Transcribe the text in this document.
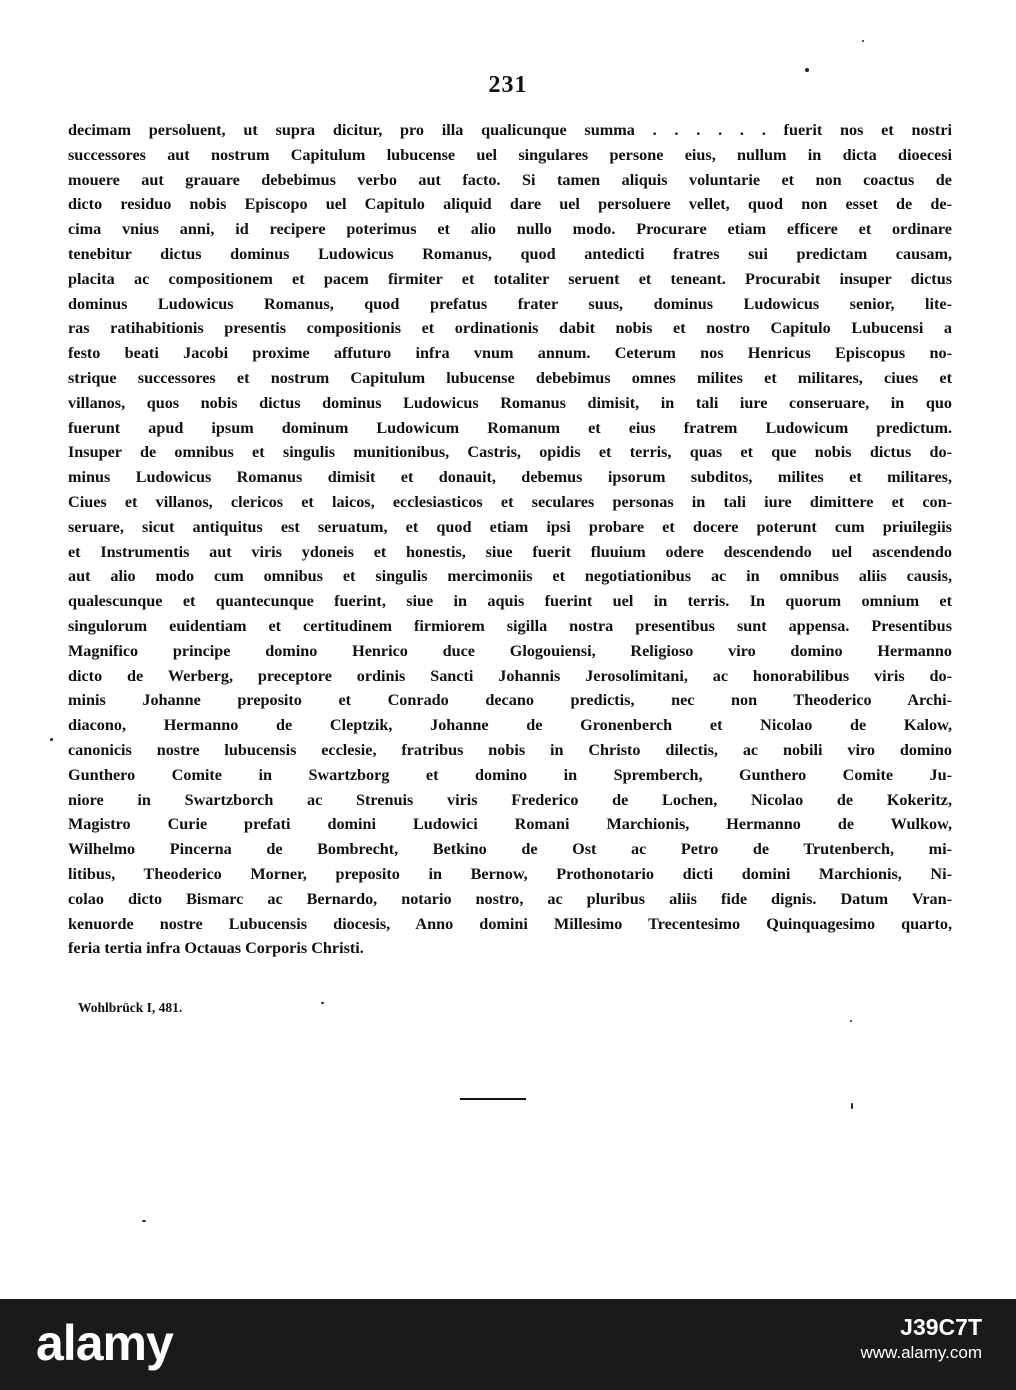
231
decimam persoluent, ut supra dicitur, pro illa qualicunque summa . . . . . . fuerit nos et nostri
successores aut nostrum Capitulum lubucense uel singulares persone eius, nullum in dicta dioecesi
mouere aut grauare debebimus verbo aut facto. Si tamen aliquis voluntarie et non coactus de
dicto residuo nobis Episcopo uel Capitulo aliquid dare uel persoluere vellet, quod non esset de de-
cima vnius anni, id recipere poterimus et alio nullo modo. Procurare etiam efficere et ordinare
tenebitur dictus dominus Ludowicus Romanus, quod antedicti fratres sui predictam causam,
placita ac compositionem et pacem firmiter et totaliter seruent et teneant. Procurabit insuper dictus
dominus Ludowicus Romanus, quod prefatus frater suus, dominus Ludowicus senior, lite-
ras ratihabitionis presentis compositionis et ordinationis dabit nobis et nostro Capitulo Lubucensi a
festo beati Jacobi proxime affuturo infra vnum annum. Ceterum nos Henricus Episcopus no-
strique successores et nostrum Capitulum lubucense debebimus omnes milites et militares, ciues et
villanos, quos nobis dictus dominus Ludowicus Romanus dimisit, in tali iure conseruare, in quo
fuerunt apud ipsum dominum Ludowicum Romanum et eius fratrem Ludowicum predictum.
Insuper de omnibus et singulis munitionibus, Castris, opidis et terris, quas et que nobis dictus do-
minus Ludowicus Romanus dimisit et donauit, debemus ipsorum subditos, milites et militares,
Ciues et villanos, clericos et laicos, ecclesiasticos et seculares personas in tali iure dimittere et con-
seruare, sicut antiquitus est seruatum, et quod etiam ipsi probare et docere poterunt cum priuilegiis
et Instrumentis aut viris ydoneis et honestis, siue fuerit fluuium odere descendendo uel ascendendo
aut alio modo cum omnibus et singulis mercimoniis et negotiationibus ac in omnibus aliis causis,
qualescunque et quantecunque fuerint, siue in aquis fuerint uel in terris. In quorum omnium et
singulorum euidentiam et certitudinem firmiorem sigilla nostra presentibus sunt appensa. Presentibus
Magnifico principe domino Henrico duce Glogouiensi, Religioso viro domino Hermanno
dicto de Werberg, preceptore ordinis Sancti Johannis Jerosolimitani, ac honorabilibus viris do-
minis Johanne preposito et Conrado decano predictis, nec non Theoderico Archi-
diacono, Hermanno de Cleptzik, Johanne de Gronenberch et Nicolao de Kalow,
canonicis nostre lubucensis ecclesie, fratribus nobis in Christo dilectis, ac nobili viro domino
Gunthero Comite in Swartzborg et domino in Spremberch, Gunthero Comite Ju-
niore in Swartzborch ac Strenuis viris Frederico de Lochen, Nicolao de Kokeritz,
Magistro Curie prefati domini Ludowici Romani Marchionis, Hermanno de Wulkow,
Wilhelmo Pincerna de Bombrecht, Betkino de Ost ac Petro de Trutenberch, mi-
litibus, Theoderico Morner, preposito in Bernow, Prothonotario dicti domini Marchionis, Ni-
colao dicto Bismarc ac Bernardo, notario nostro, ac pluribus aliis fide dignis. Datum Vran-
kenuorde nostre Lubucensis diocesis, Anno domini Millesimo Trecentesimo Quinquagesimo quarto,
feria tertia infra Octauas Corporis Christi.
Wohlbrück I, 481.
alamy	J39C7T
www.alamy.com
